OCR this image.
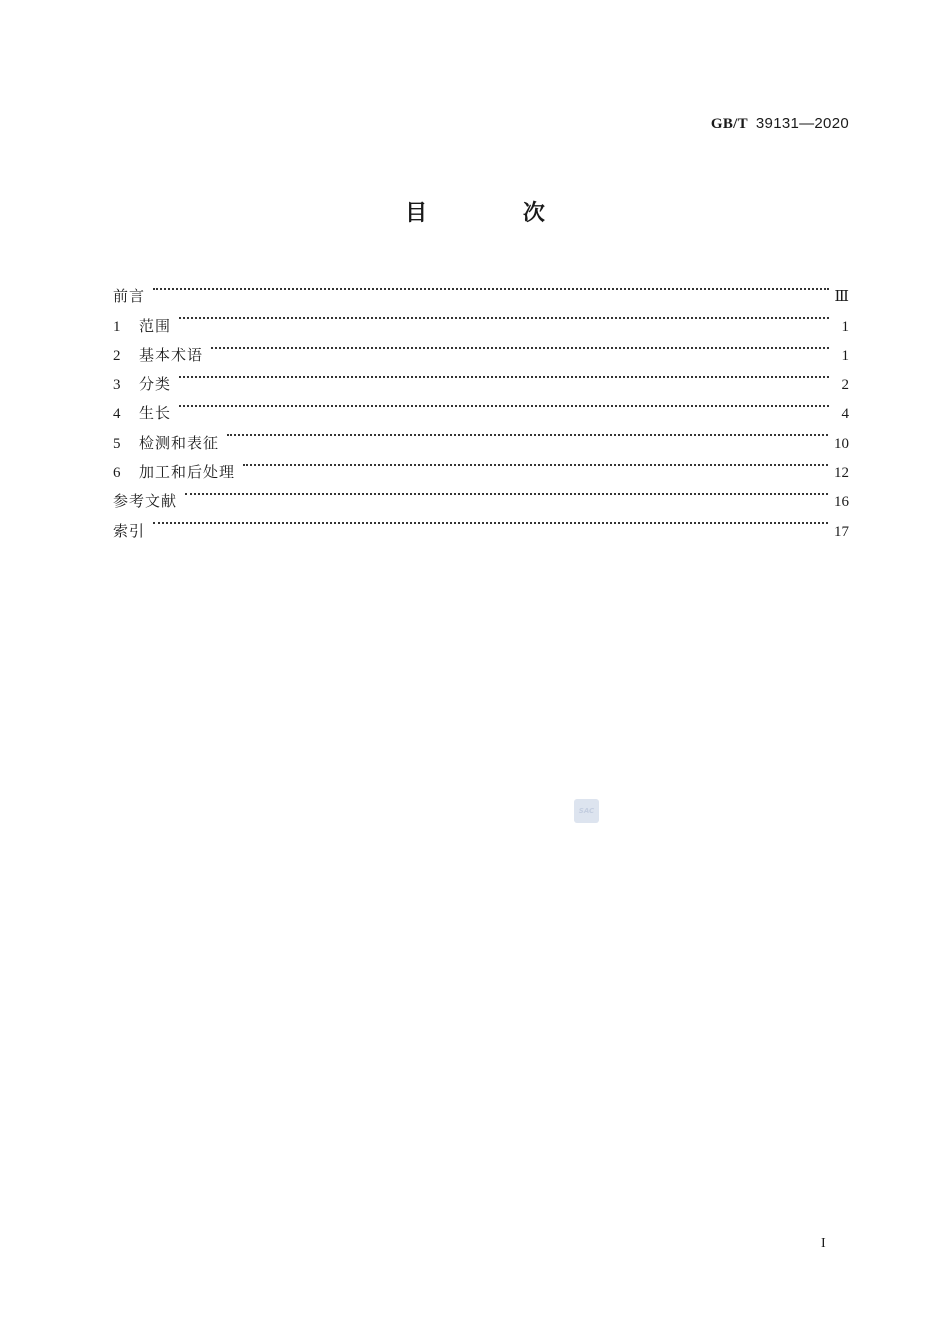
GB/T 39131—2020
目 次
前言	Ⅲ
1	范围	1
2	基本术语	1
3	分类	2
4	生长	4
5	检测和表征	10
6	加工和后处理	12
参考文献	16
索引	17
SAC
I
